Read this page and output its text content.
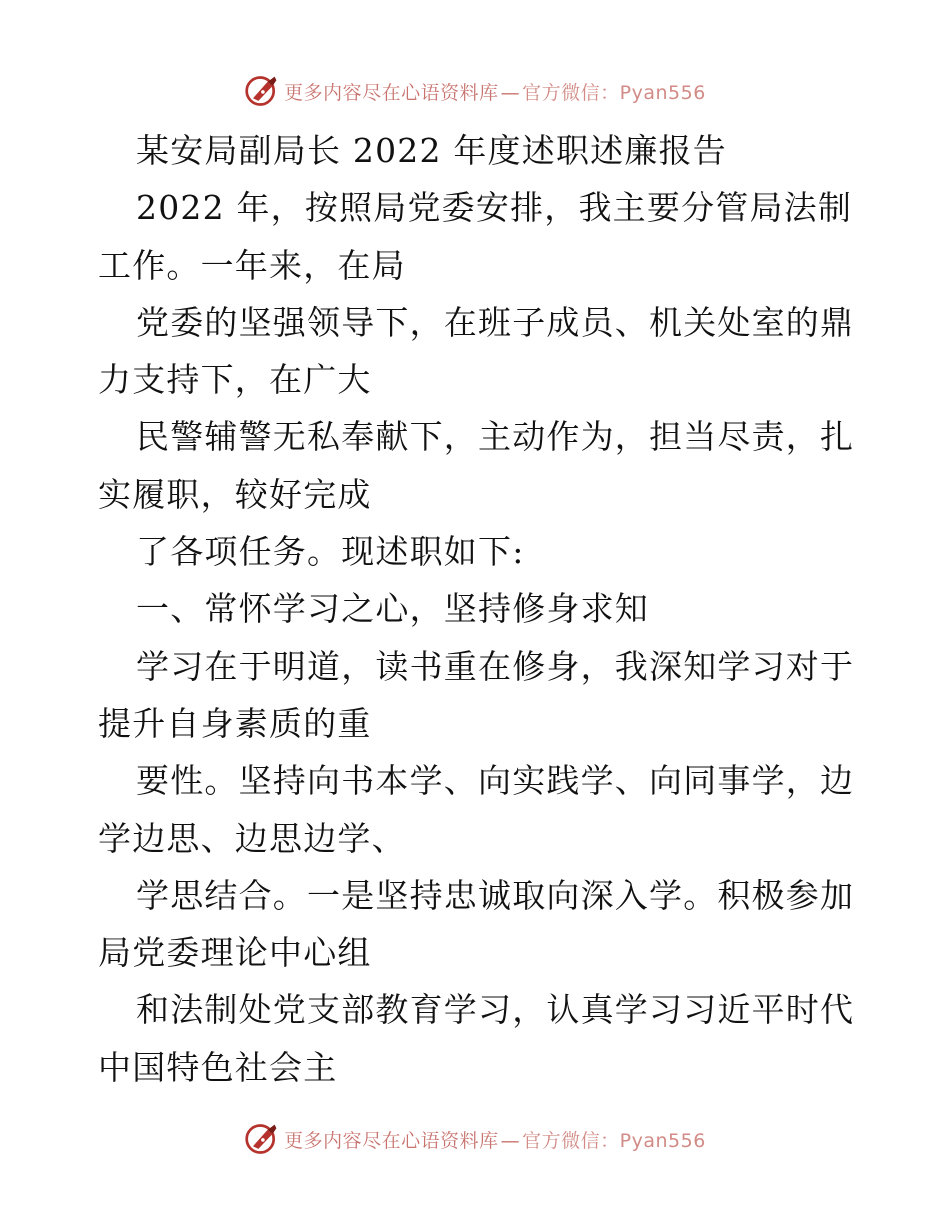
更多内容尽在心语资料库 — 官方微信：Pyan556
某安局副局长 2022 年度述职述廉报告
2022 年，按照局党委安排，我主要分管局法制
工作。一年来，在局
党委的坚强领导下，在班子成员、机关处室的鼎
力支持下，在广大
民警辅警无私奉献下，主动作为，担当尽责，扎
实履职，较好完成
了各项任务。现述职如下:
一、常怀学习之心，坚持修身求知
学习在于明道，读书重在修身，我深知学习对于
提升自身素质的重
要性。坚持向书本学、向实践学、向同事学，边
学边思、边思边学、
学思结合。一是坚持忠诚取向深入学。积极参加
局党委理论中心组
和法制处党支部教育学习，认真学习习近平时代
中国特色社会主
更多内容尽在心语资料库 — 官方微信：Pyan556
